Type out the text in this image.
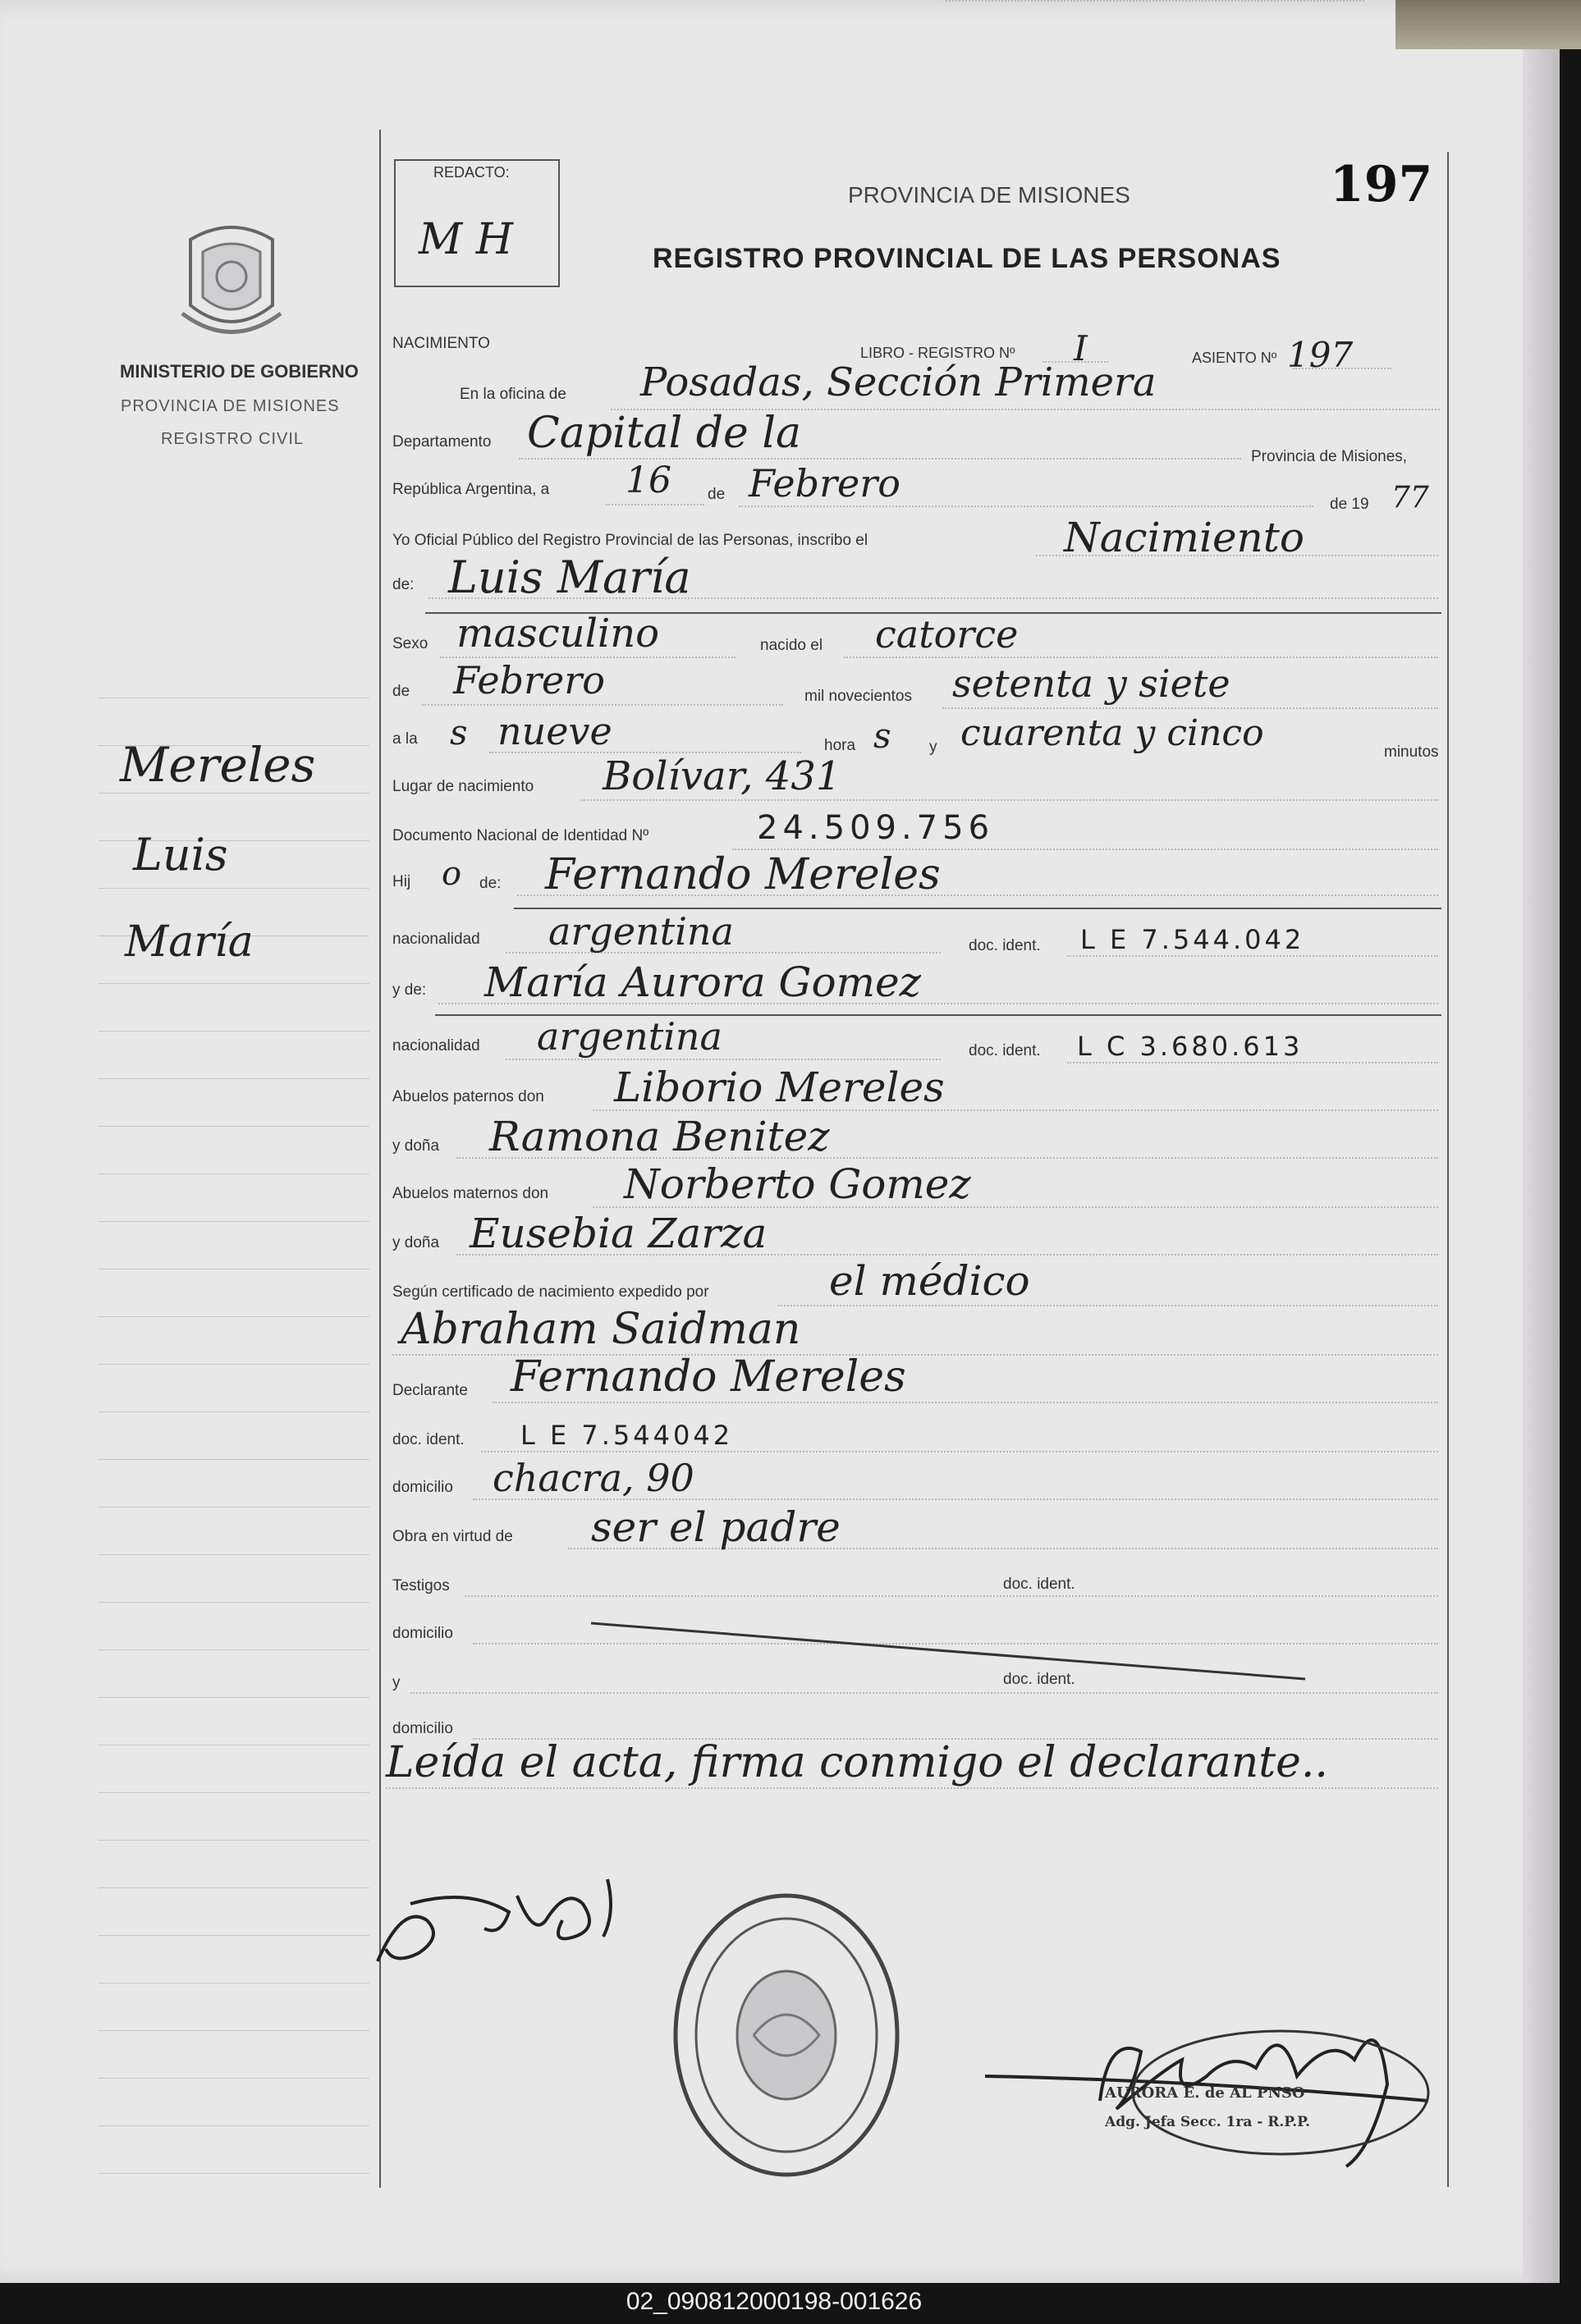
REDACTO:
M H
PROVINCIA DE MISIONES	197
REGISTRO PROVINCIAL DE LAS PERSONAS
MINISTERIO DE GOBIERNO
PROVINCIA DE MISIONES
REGISTRO CIVIL
Mereles
Luis
María
NACIMIENTO
LIBRO - REGISTRO Nº I	ASIENTO Nº 197
En la oficina de Posadas, Sección Primera
Departamento Capital de la	Provincia de Misiones,
República Argentina, a 16 de Febrero	de 19 77
Yo Oficial Público del Registro Provincial de las Personas, inscribo el	Nacimiento
de: Luis María
Sexo masculino	nacido el catorce
de Febrero	mil novecientos setenta y siete
a la s nueve	hora s y cuarenta y cinco	minutos
Lugar de nacimiento Bolívar, 431
Documento Nacional de Identidad Nº	24.509.756
Hij o de: Fernando Mereles
nacionalidad argentina	doc. ident. L E 7.544.042
y de: María Aurora Gomez
nacionalidad argentina	doc. ident. L C 3.680.613
Abuelos paternos don Liborio Mereles
y doña Ramona Benitez
Abuelos maternos don Norberto Gomez
y doña Eusebia Zarza
Según certificado de nacimiento expedido por	el médico
Abraham Saidman
Declarante Fernando Mereles
doc. ident. L E 7.544042
domicilio chacra, 90
Obra en virtud de ser el padre
Testigos	doc. ident.
domicilio
y	doc. ident.
domicilio
Leída el acta, firma conmigo el declarante..
AURORA E. de AL PNSO
Adg. Jefa Secc. 1ra - R.P.P.
02_090812000198-001626
